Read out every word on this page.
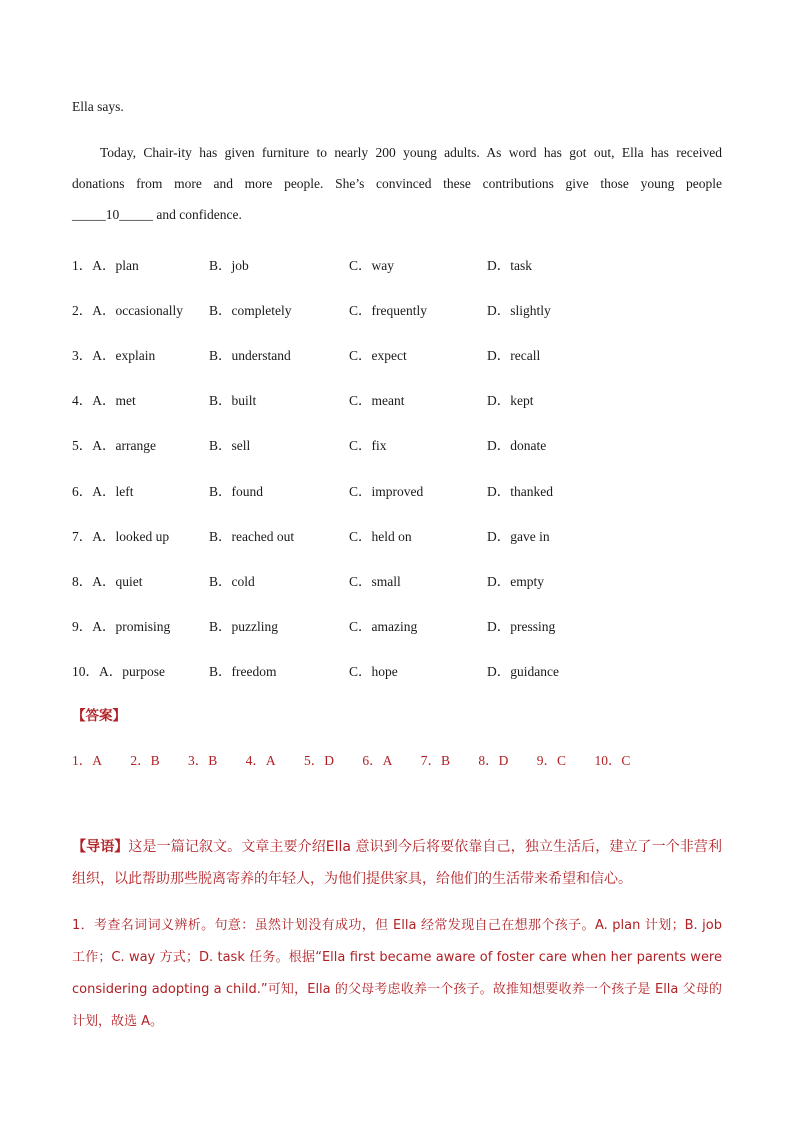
Ella says.
Today, Chair-ity has given furniture to nearly 200 young adults. As word has got out, Ella has received
donations from more and more people. She’s convinced these contributions give those young people
_____10_____ and confidence.
1．A．plan	B．job	C．way	D．task
2．A．occasionally B．completely	C．frequently	D．slightly
3．A．explain	B．understand	C．expect	D．recall
4．A．met	B．built	C．meant	D．kept
5．A．arrange	B．sell	C．fix	D．donate
6．A．left	B．found	C．improved	D．thanked
7．A．looked up	B．reached out	C．held on	D．gave in
8．A．quiet	B．cold	C．small	D．empty
9．A．promising	B．puzzling	C．amazing	D．pressing
10．A．purpose	B．freedom	C．hope	D．guidance
【答案】
1．A 2．B 3．B 4．A 5．D 6．A 7．B 8．D 9．C 10．C
【导语】这是一篇记叙文。文章主要介绍Ella 意识到今后将要依靠自己，独立生活后，建立了一个非营利组织，以此帮助那些脱离寄养的年轻人，为他们提供家具，给他们的生活带来希望和信心。
1．考查名词词义辨析。句意：虽然计划没有成功，但 Ella 经常发现自己在想那个孩子。A. plan 计划；B. job 工作；C. way 方式；D. task 任务。根据“Ella first became aware of foster care when her parents were considering adopting a child.”可知，Ella 的父母考虑收养一个孩子。故推知想要收养一个孩子是 Ella 父母的计划，故选 A。
